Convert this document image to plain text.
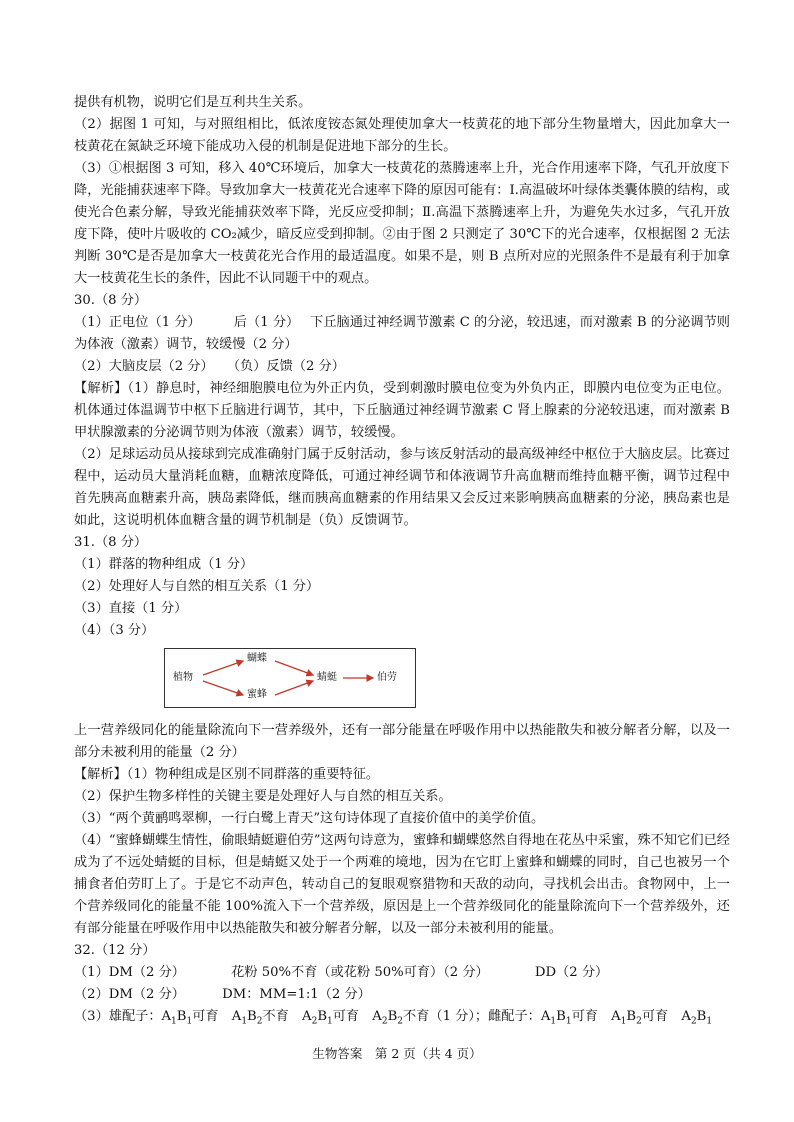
提供有机物，说明它们是互利共生关系。

（2）据图 1 可知，与对照组相比，低浓度铵态氮处理使加拿大一枝黄花的地下部分生物量增大，因此加拿大一枝黄花在氮缺乏环境下能成功入侵的机制是促进地下部分的生长。

（3）①根据图 3 可知，移入 40℃环境后，加拿大一枝黄花的蒸腾速率上升，光合作用速率下降，气孔开放度下降，光能捕获速率下降。导致加拿大一枝黄花光合速率下降的原因可能有：Ⅰ.高温破坏叶绿体类囊体膜的结构，或使光合色素分解，导致光能捕获效率下降，光反应受抑制；Ⅱ.高温下蒸腾速率上升，为避免失水过多，气孔开放度下降，使叶片吸收的 CO₂减少，暗反应受到抑制。②由于图 2 只测定了 30℃下的光合速率，仅根据图 2 无法判断 30℃是否是加拿大一枝黄花光合作用的最适温度。如果不是，则 B 点所对应的光照条件不是最有利于加拿大一枝黄花生长的条件，因此不认同题干中的观点。

30.（8 分）

（1）正电位（1 分）　　　后（1 分）　 下丘脑通过神经调节激素 C 的分泌，较迅速，而对激素 B 的分泌调节则为体液（激素）调节，较缓慢（2 分）

（2）大脑皮层（2 分）　　（负）反馈（2 分）

【解析】（1）静息时，神经细胞膜电位为外正内负，受到刺激时膜电位变为外负内正，即膜内电位变为正电位。机体通过体温调节中枢下丘脑进行调节，其中，下丘脑通过神经调节激素 C 肾上腺素的分泌较迅速，而对激素 B 甲状腺激素的分泌调节则为体液（激素）调节，较缓慢。

（2）足球运动员从接球到完成准确射门属于反射活动，参与该反射活动的最高级神经中枢位于大脑皮层。比赛过程中，运动员大量消耗血糖，血糖浓度降低，可通过神经调节和体液调节升高血糖而维持血糖平衡，调节过程中首先胰高血糖素升高，胰岛素降低，继而胰高血糖素的作用结果又会反过来影响胰高血糖素的分泌，胰岛素也是如此，这说明机体血糖含量的调节机制是（负）反馈调节。

31.（8 分）

（1）群落的物种组成（1 分）

（2）处理好人与自然的相互关系（1 分）

（3）直接（1 分）

（4）（3 分）

植物
蝴蝶
蜜蜂
蜻蜓	伯劳

上一营养级同化的能量除流向下一营养级外，还有一部分能量在呼吸作用中以热能散失和被分解者分解，以及一部分未被利用的能量（2 分）

【解析】（1）物种组成是区别不同群落的重要特征。

（2）保护生物多样性的关键主要是处理好人与自然的相互关系。

（3）“两个黄鹂鸣翠柳，一行白鹭上青天”这句诗体现了直接价值中的美学价值。

（4）“蜜蜂蝴蝶生情性，偷眼蜻蜓避伯劳”这两句诗意为，蜜蜂和蝴蝶悠然自得地在花丛中采蜜，殊不知它们已经成为了不远处蜻蜓的目标，但是蜻蜓又处于一个两难的境地，因为在它盯上蜜蜂和蝴蝶的同时，自己也被另一个捕食者伯劳盯上了。于是它不动声色，转动自己的复眼观察猎物和天敌的动向，寻找机会出击。食物网中，上一个营养级同化的能量不能 100%流入下一个营养级，原因是上一个营养级同化的能量除流向下一个营养级外，还有部分能量在呼吸作用中以热能散失和被分解者分解，以及一部分未被利用的能量。

32.（12 分）

（1）DM（2 分）　　　　花粉 50%不育（或花粉 50%可育）（2 分）　　　　DD（2 分）

（2）DM（2 分）　　　 DM：MM=1:1（2 分）

（3）雄配子：$A_1B_1$可育　$A_1B_2$不育　$A_2B_1$可育　$A_2B_2$不育（1 分）；雌配子：$A_1B_1$可育　$A_1B_2$可育　$A_2B_1$

生物答案　第 2 页（共 4 页）
